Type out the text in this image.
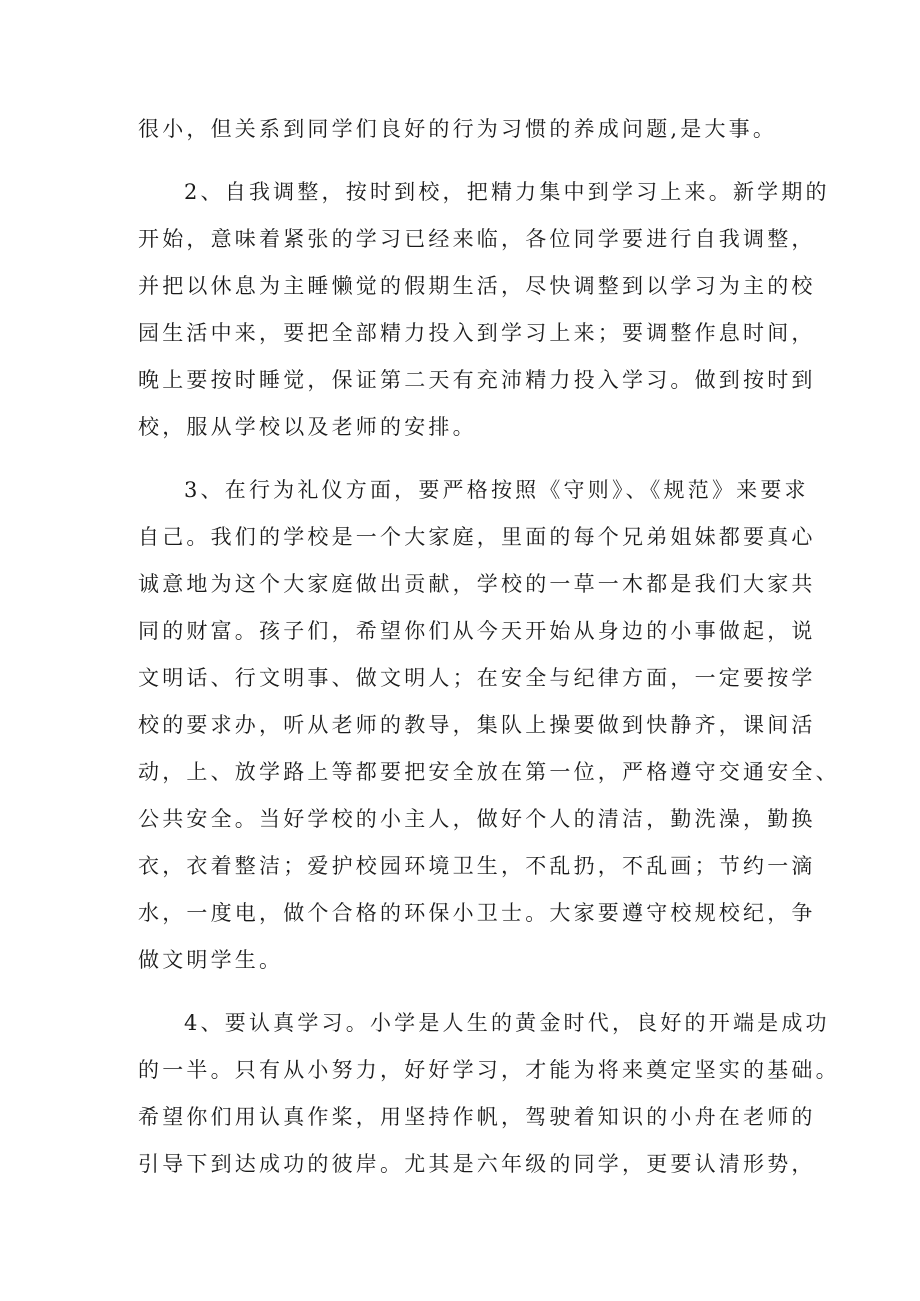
很小，但关系到同学们良好的行为习惯的养成问题,是大事。
2、自我调整，按时到校，把精力集中到学习上来。新学期的
开始，意味着紧张的学习已经来临，各位同学要进行自我调整，
并把以休息为主睡懒觉的假期生活，尽快调整到以学习为主的校
园生活中来，要把全部精力投入到学习上来；要调整作息时间，
晚上要按时睡觉，保证第二天有充沛精力投入学习。做到按时到
校，服从学校以及老师的安排。
3、在行为礼仪方面，要严格按照《守则》、《规范》来要求
自己。我们的学校是一个大家庭，里面的每个兄弟姐妹都要真心
诚意地为这个大家庭做出贡献，学校的一草一木都是我们大家共
同的财富。孩子们，希望你们从今天开始从身边的小事做起，说
文明话、行文明事、做文明人；在安全与纪律方面，一定要按学
校的要求办，听从老师的教导，集队上操要做到快静齐，课间活
动，上、放学路上等都要把安全放在第一位，严格遵守交通安全、
公共安全。当好学校的小主人，做好个人的清洁，勤洗澡，勤换
衣，衣着整洁；爱护校园环境卫生，不乱扔，不乱画；节约一滴
水，一度电，做个合格的环保小卫士。大家要遵守校规校纪，争
做文明学生。
4、要认真学习。小学是人生的黄金时代，良好的开端是成功
的一半。只有从小努力，好好学习，才能为将来奠定坚实的基础。
希望你们用认真作桨，用坚持作帆，驾驶着知识的小舟在老师的
引导下到达成功的彼岸。尤其是六年级的同学，更要认清形势，
